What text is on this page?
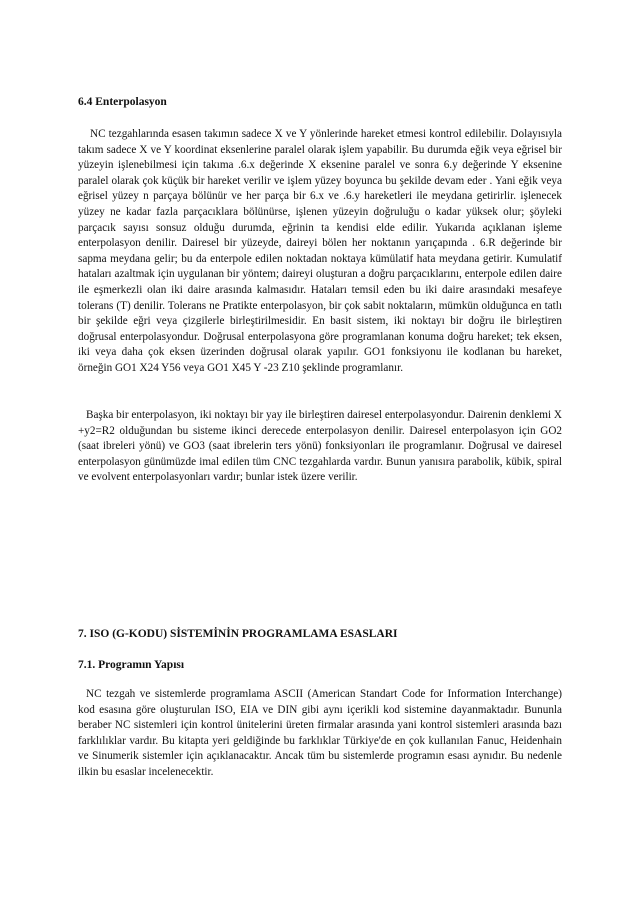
6.4 Enterpolasyon

NC tezgahlarında esasen takımın sadece X ve Y yönlerinde hareket etmesi kontrol edilebilir. Dolayısıyla takım sadece X ve Y koordinat eksenlerine paralel olarak işlem yapabilir. Bu durumda eğik veya eğrisel bir yüzeyin işlenebilmesi için takıma .6.x değerinde X eksenine paralel ve sonra 6.y değerinde Y eksenine paralel olarak çok küçük bir hareket verilir ve işlem yüzey boyunca bu şekilde devam eder . Yani eğik veya eğrisel yüzey n parçaya bölünür ve her parça bir 6.x ve .6.y hareketleri ile meydana getirirlir. işlenecek yüzey ne kadar fazla parçacıklara bölünürse, işlenen yüzeyin doğruluğu o kadar yüksek olur; şöyleki parçacık sayısı sonsuz olduğu durumda, eğrinin ta kendisi elde edilir. Yukarıda açıklanan işleme enterpolasyon denilir. Dairesel bir yüzeyde, daireyi bölen her noktanın yarıçapında . 6.R değerinde bir sapma meydana gelir; bu da enterpole edilen noktadan noktaya kümülatif hata meydana getirir. Kumulatif hataları azaltmak için uygulanan bir yöntem; daireyi oluşturan a doğru parçacıklarını, enterpole edilen daire ile eşmerkezli olan iki daire arasında kalmasıdır. Hataları temsil eden bu iki daire arasındaki mesafeye tolerans (T) denilir. Tolerans ne Pratikte enterpolasyon, bir çok sabit noktaların, mümkün olduğunca en tatlı bir şekilde eğri veya çizgilerle birleştirilmesidir. En basit sistem, iki noktayı bir doğru ile birleştiren doğrusal enterpolasyondur. Doğrusal enterpolasyona göre programlanan konuma doğru hareket; tek eksen, iki veya daha çok eksen üzerinden doğrusal olarak yapılır. GO1 fonksiyonu ile kodlanan bu hareket, örneğin GO1 X24 Y56 veya GO1 X45 Y -23 Z10 şeklinde programlanır.

Başka bir enterpolasyon, iki noktayı bir yay ile birleştiren dairesel enterpolasyondur. Dairenin denklemi X +y2=R2 olduğundan bu sisteme ikinci derecede enterpolasyon denilir. Dairesel enterpolasyon için GO2 (saat ibreleri yönü) ve GO3 (saat ibrelerin ters yönü) fonksiyonları ile programlanır. Doğrusal ve dairesel enterpolasyon günümüzde imal edilen tüm CNC tezgahlarda vardır. Bunun yanısıra parabolik, kübik, spiral ve evolvent enterpolasyonları vardır; bunlar istek üzere verilir.

7. ISO (G-KODU) SİSTEMİNİN PROGRAMLAMA ESASLARI
7.1. Programın Yapısı

NC tezgah ve sistemlerde programlama ASCII (American Standart Code for Information Interchange) kod esasına göre oluşturulan ISO, EIA ve DIN gibi aynı içerikli kod sistemine dayanmaktadır. Bununla beraber NC sistemleri için kontrol ünitelerini üreten firmalar arasında yani kontrol sistemleri arasında bazı farklılıklar vardır. Bu kitapta yeri geldiğinde bu farklıklar Türkiye'de en çok kullanılan Fanuc, Heidenhain ve Sinumerik sistemler için açıklanacaktır. Ancak tüm bu sistemlerde programın esası aynıdır. Bu nedenle ilkin bu esaslar incelenecektir.
